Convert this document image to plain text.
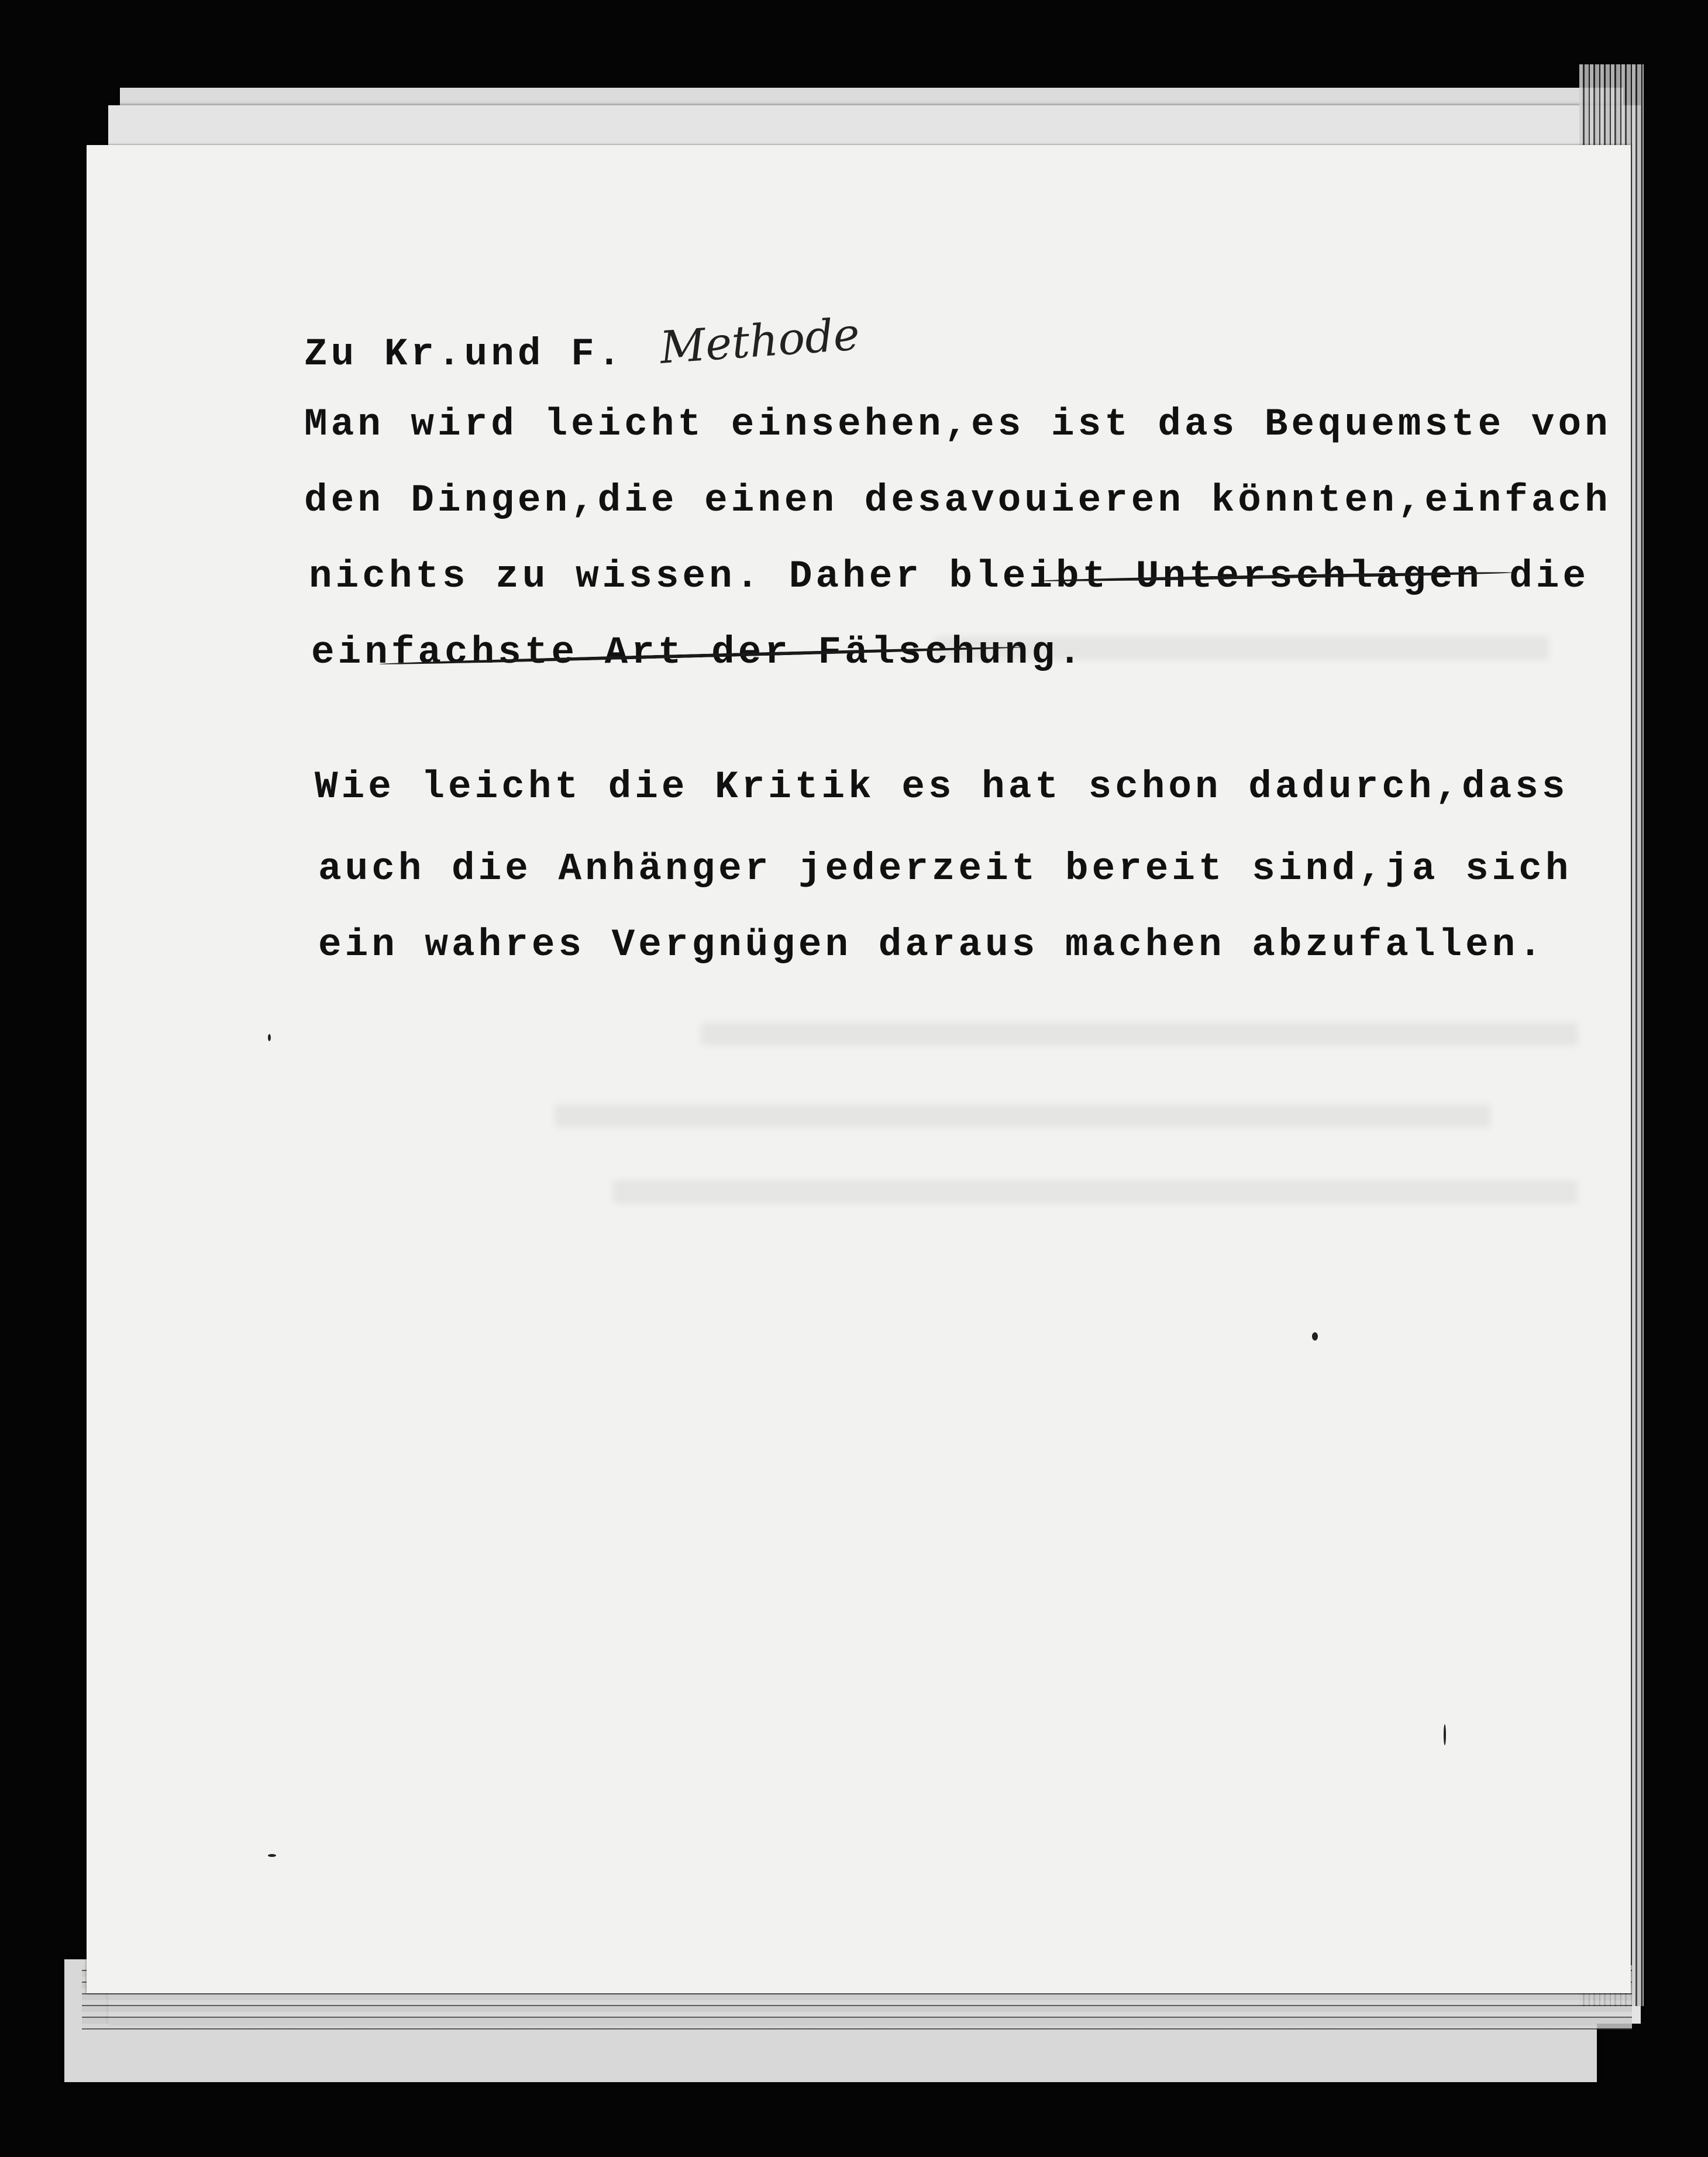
Zu Kr.und F. Methode
Man wird leicht einsehen,es ist das Bequemste von
den Dingen,die einen desavouieren könnten,einfach
nichts zu wissen. Daher bleibt Unterschlagen die
einfachste Art der Fälschung.
Wie leicht die Kritik es hat schon dadurch,dass
auch die Anhänger jederzeit bereit sind,ja sich
ein wahres Vergnügen daraus machen abzufallen.
